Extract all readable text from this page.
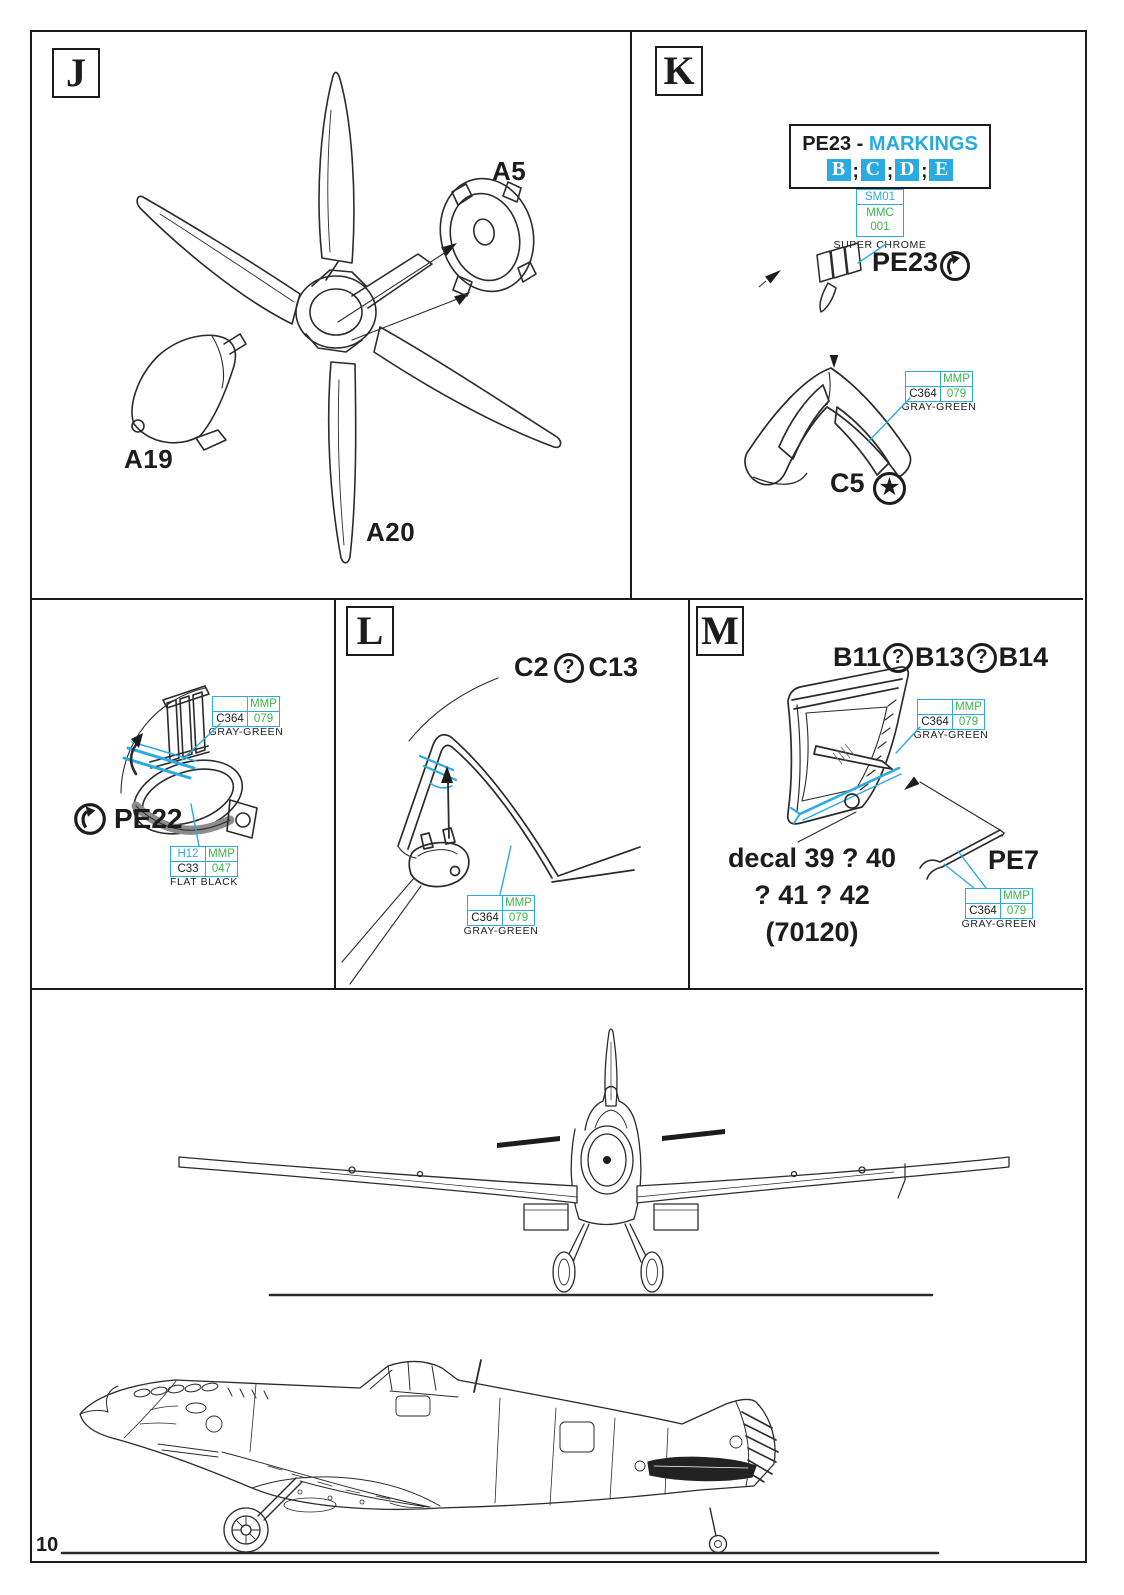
J	K
L	M
A5
A19
A20
PE23 - MARKINGS
B ; C ; D ; E
SM01
MMC
001
SUPER CHROME
PE23
MMP
C364 079
GRAY-GREEN
C5 ★
PE22
MMP
C364 079
GRAY-GREEN
H12 MMP
C33	047
FLAT BLACK
C2 ? C13
MMP
C364 079
GRAY-GREEN
B11 ? B13 ? B14
MMP
C364 079
GRAY-GREEN
decal 39 ? 40
? 41 ? 42
(70120)
PE7
MMP
C364 079
GRAY-GREEN
10
